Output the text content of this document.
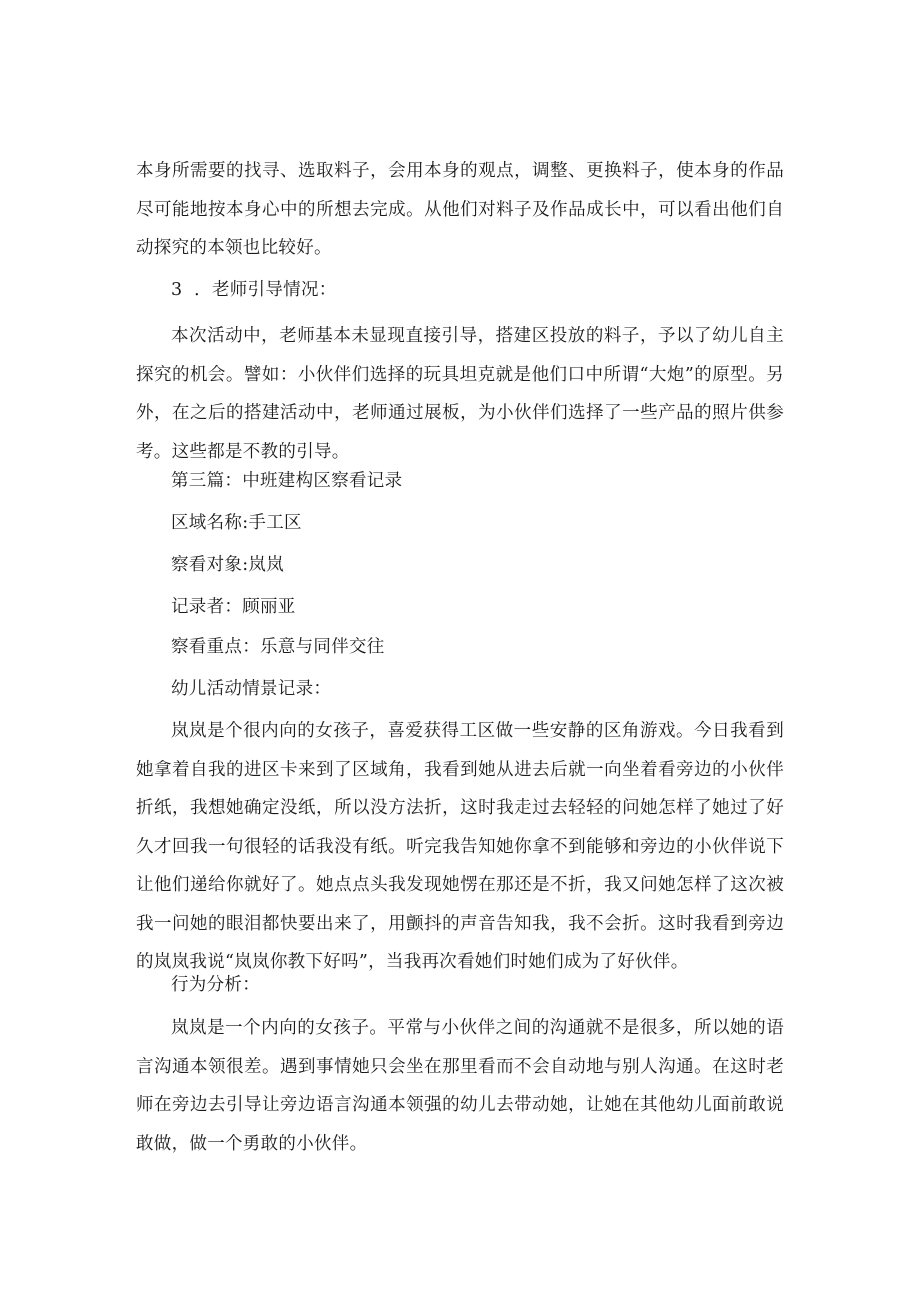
本身所需要的找寻、选取料子，会用本身的观点，调整、更换料子，使本身的作品尽可能地按本身心中的所想去完成。从他们对料子及作品成长中，可以看出他们自动探究的本领也比较好。

3  ．老师引导情况：

本次活动中，老师基本未显现直接引导，搭建区投放的料子，予以了幼儿自主探究的机会。譬如：小伙伴们选择的玩具坦克就是他们口中所谓“大炮”的原型。另外，在之后的搭建活动中，老师通过展板，为小伙伴们选择了一些产品的照片供参考。这些都是不教的引导。

第三篇：中班建构区察看记录

区域名称:手工区

察看对象:岚岚

记录者：顾丽亚

察看重点：乐意与同伴交往

幼儿活动情景记录：

岚岚是个很内向的女孩子，喜爱获得工区做一些安静的区角游戏。今日我看到她拿着自我的进区卡来到了区域角，我看到她从进去后就一向坐着看旁边的小伙伴折纸，我想她确定没纸，所以没方法折，这时我走过去轻轻的问她怎样了她过了好久才回我一句很轻的话我没有纸。听完我告知她你拿不到能够和旁边的小伙伴说下让他们递给你就好了。她点点头我发现她愣在那还是不折，我又问她怎样了这次被我一问她的眼泪都快要出来了，用颤抖的声音告知我，我不会折。这时我看到旁边的岚岚我说“岚岚你教下好吗”，当我再次看她们时她们成为了好伙伴。

行为分析：

岚岚是一个内向的女孩子。平常与小伙伴之间的沟通就不是很多，所以她的语言沟通本领很差。遇到事情她只会坐在那里看而不会自动地与别人沟通。在这时老师在旁边去引导让旁边语言沟通本领强的幼儿去带动她，让她在其他幼儿面前敢说敢做，做一个勇敢的小伙伴。
